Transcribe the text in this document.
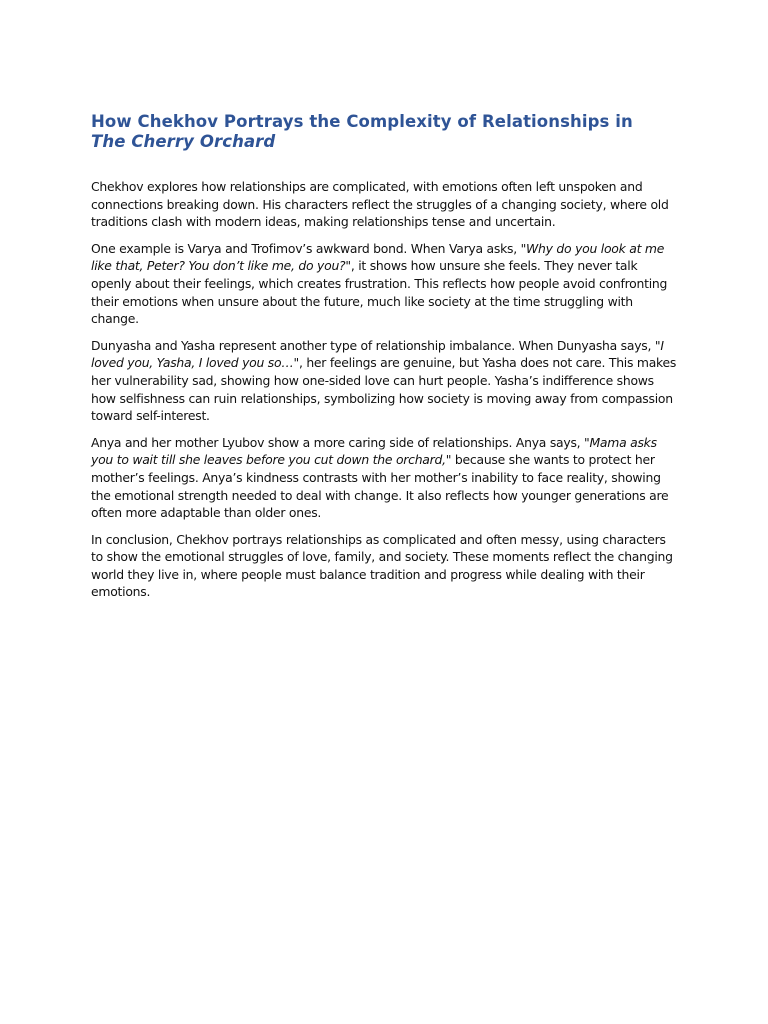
How Chekhov Portrays the Complexity of Relationships in
The Cherry Orchard

Chekhov explores how relationships are complicated, with emotions often left unspoken and connections breaking down. His characters reflect the struggles of a changing society, where old traditions clash with modern ideas, making relationships tense and uncertain.

One example is Varya and Trofimov’s awkward bond. When Varya asks, "Why do you look at me like that, Peter? You don’t like me, do you?", it shows how unsure she feels. They never talk openly about their feelings, which creates frustration. This reflects how people avoid confronting their emotions when unsure about the future, much like society at the time struggling with change.

Dunyasha and Yasha represent another type of relationship imbalance. When Dunyasha says, "I loved you, Yasha, I loved you so…", her feelings are genuine, but Yasha does not care. This makes her vulnerability sad, showing how one-sided love can hurt people. Yasha’s indifference shows how selfishness can ruin relationships, symbolizing how society is moving away from compassion toward self-interest.

Anya and her mother Lyubov show a more caring side of relationships. Anya says, "Mama asks you to wait till she leaves before you cut down the orchard," because she wants to protect her mother’s feelings. Anya’s kindness contrasts with her mother’s inability to face reality, showing the emotional strength needed to deal with change. It also reflects how younger generations are often more adaptable than older ones.

In conclusion, Chekhov portrays relationships as complicated and often messy, using characters to show the emotional struggles of love, family, and society. These moments reflect the changing world they live in, where people must balance tradition and progress while dealing with their emotions.
